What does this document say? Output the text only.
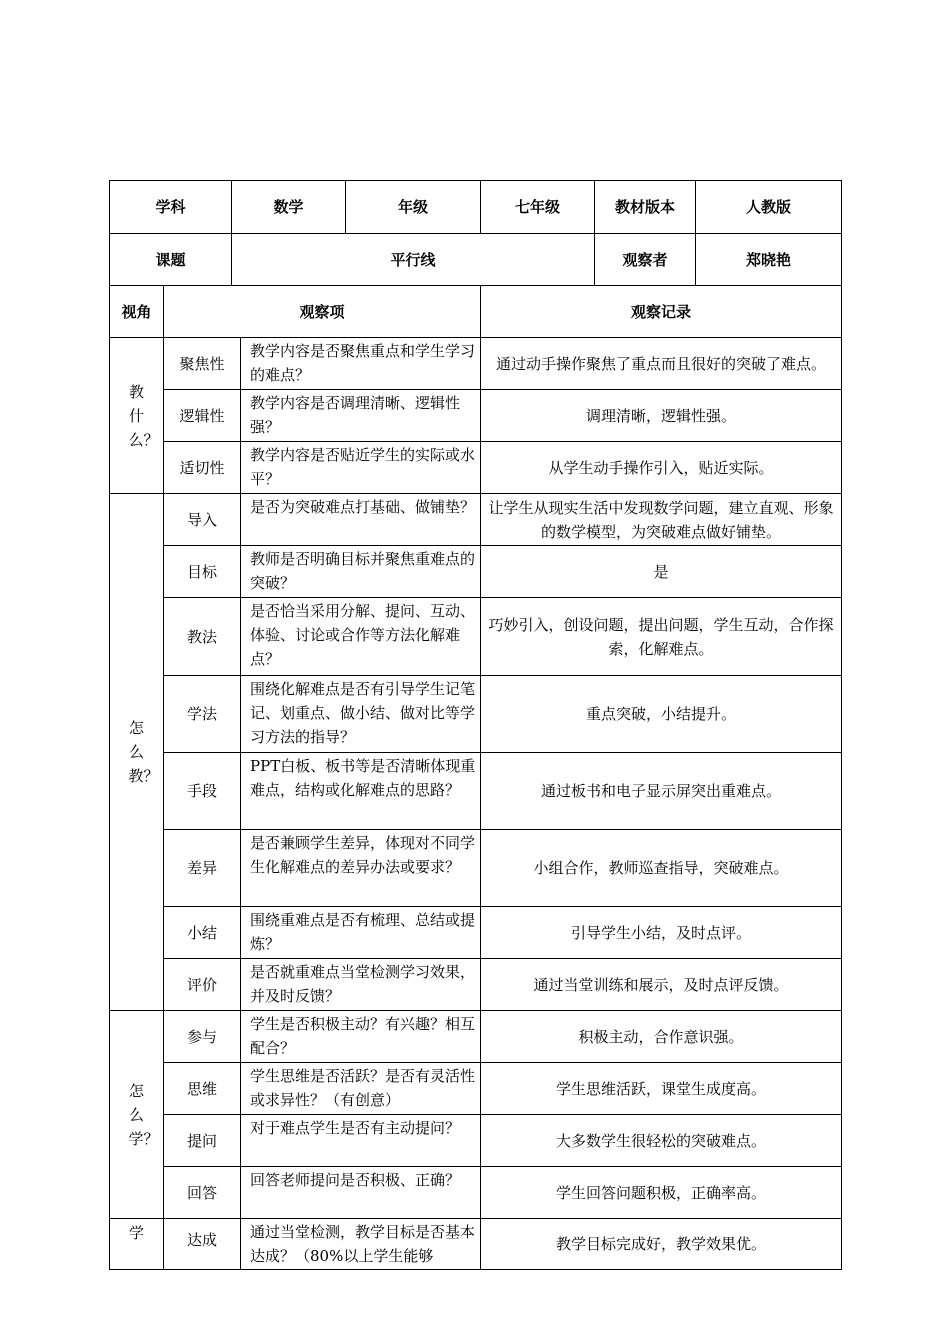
学科		数学		年级	七年级	教材版本	人教版
课题		平行线				观察者	郑晓艳
视角	观察项				观察记录		

教什么？	聚焦性		教学内容是否聚焦重点和学生学习的难点？		通过动手操作聚焦了重点而且很好的突破了难点。		
	逻辑性		教学内容是否调理清晰、逻辑性强？		调理清晰，逻辑性强。		
	适切性		教学内容是否贴近学生的实际或水平？		从学生动手操作引入，贴近实际。		

怎么教？	导入		是否为突破难点打基础、做铺垫？		让学生从现实生活中发现数学问题，建立直观、形象的数学模型，为突破难点做好铺垫。		
	目标		教师是否明确目标并聚焦重难点的突破？		是		
	教法		是否恰当采用分解、提问、互动、体验、讨论或合作等方法化解难点？		巧妙引入，创设问题，提出问题，学生互动，合作探索，化解难点。		
	学法		围绕化解难点是否有引导学生记笔记、划重点、做小结、做对比等学习方法的指导？		重点突破，小结提升。		
	手段		PPT白板、板书等是否清晰体现重难点，结构或化解难点的思路？		通过板书和电子显示屏突出重难点。		
	差异		是否兼顾学生差异，体现对不同学生化解难点的差异办法或要求？		小组合作，教师巡查指导，突破难点。		
	小结		围绕重难点是否有梳理、总结或提炼？		引导学生小结，及时点评。		
	评价		是否就重难点当堂检测学习效果，并及时反馈？		通过当堂训练和展示，及时点评反馈。		

怎么学？	参与		学生是否积极主动？有兴趣？相互配合？		积极主动，合作意识强。		
	思维		学生思维是否活跃？是否有灵活性或求异性？（有创意）		学生思维活跃，课堂生成度高。		
	提问		对于难点学生是否有主动提问？		大多数学生很轻松的突破难点。		
	回答		回答老师提问是否积极、正确？		学生回答问题积极，正确率高。		

学	达成		通过当堂检测，教学目标是否基本达成？（80%以上学生能够		教学目标完成好，教学效果优。		
